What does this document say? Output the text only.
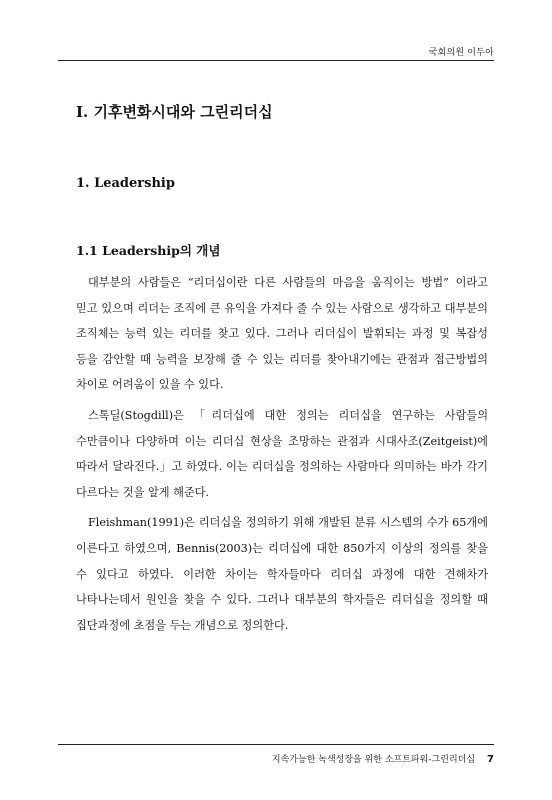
국회의원 이두아
Ⅰ. 기후변화시대와 그린리더십
1. Leadership
1.1 Leadership의 개념

대부분의 사람들은 “리더십이란 다른 사람들의 마음을 움직이는 방법” 이라고 믿고 있으며 리더는 조직에 큰 유익을 가져다 줄 수 있는 사람으로 생각하고 대부분의 조직체는 능력 있는 리더를 찾고 있다. 그러나 리더십이 발휘되는 과정 및 복잡성 등을 감안할 때 능력을 보장해 줄 수 있는 리더를 찾아내기에는 관점과 접근방법의 차이로 어려움이 있을 수 있다.

스톡딜(Stogdill)은 「리더십에 대한 정의는 리더십을 연구하는 사람들의 수만큼이나 다양하며 이는 리더십 현상을 조망하는 관점과 시대사조(Zeitgeist)에 따라서 달라진다.」고 하였다. 이는 리더십을 정의하는 사람마다 의미하는 바가 각기 다르다는 것을 알게 해준다.

Fleishman(1991)은 리더십을 정의하기 위해 개발된 분류 시스템의 수가 65개에 이른다고 하였으며, Bennis(2003)는 리더십에 대한 850가지 이상의 정의를 찾을 수 있다고 하였다. 이러한 차이는 학자들마다 리더십 과정에 대한 견해차가 나타나는데서 원인을 찾을 수 있다. 그러나 대부분의 학자들은 리더십을 정의할 때 집단과정에 초점을 두는 개념으로 정의한다.

지속가능한 녹색성장을 위한 소프트파워-그린리더십 7
